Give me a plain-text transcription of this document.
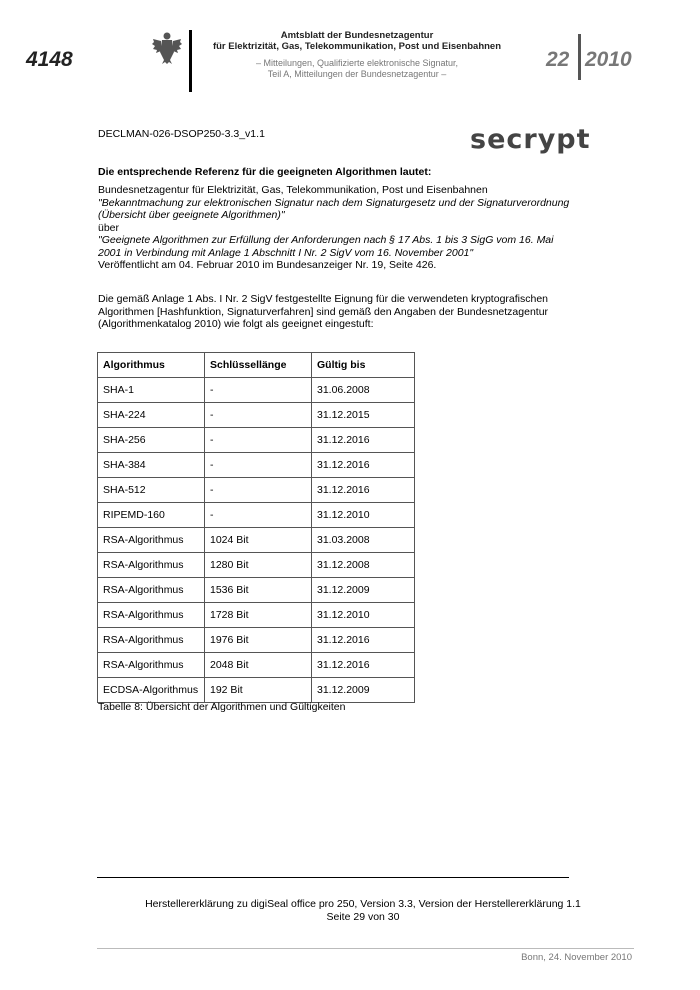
4148
Amtsblatt der Bundesnetzagentur
für Elektrizität, Gas, Telekommunikation, Post und Eisenbahnen
– Mitteilungen, Qualifizierte elektronische Signatur,
Teil A, Mitteilungen der Bundesnetzagentur –
22 2010
DECLMAN-026-DSOP250-3.3_v1.1	secrypt
Die entsprechende Referenz für die geeigneten Algorithmen lautet:
Bundesnetzagentur für Elektrizität, Gas, Telekommunikation, Post und Eisenbahnen
"Bekanntmachung zur elektronischen Signatur nach dem Signaturgesetz und der Signaturverordnung
(Übersicht über geeignete Algorithmen)"
über
"Geeignete Algorithmen zur Erfüllung der Anforderungen nach § 17 Abs. 1 bis 3 SigG vom 16. Mai
2001 in Verbindung mit Anlage 1 Abschnitt I Nr. 2 SigV vom 16. November 2001"
Veröffentlicht am 04. Februar 2010 im Bundesanzeiger Nr. 19, Seite 426.
Die gemäß Anlage 1 Abs. I Nr. 2 SigV festgestellte Eignung für die verwendeten kryptografischen Algorithmen [Hashfunktion, Signaturverfahren] sind gemäß den Angaben der Bundesnetzagentur (Algorithmenkatalog 2010) wie folgt als geeignet eingestuft:
Algorithmus	Schlüssellänge	Gültig bis
SHA-1	-	31.06.2008
SHA-224	-	31.12.2015
SHA-256	-	31.12.2016
SHA-384	-	31.12.2016
SHA-512	-	31.12.2016
RIPEMD-160	-	31.12.2010
RSA-Algorithmus	1024 Bit	31.03.2008
RSA-Algorithmus	1280 Bit	31.12.2008
RSA-Algorithmus	1536 Bit	31.12.2009
RSA-Algorithmus	1728 Bit	31.12.2010
RSA-Algorithmus	1976 Bit	31.12.2016
RSA-Algorithmus	2048 Bit	31.12.2016
ECDSA-Algorithmus	192 Bit	31.12.2009
Tabelle 8: Übersicht der Algorithmen und Gültigkeiten
Herstellererklärung zu digiSeal office pro 250, Version 3.3, Version der Herstellererklärung 1.1
Seite 29 von 30
Bonn, 24. November 2010
